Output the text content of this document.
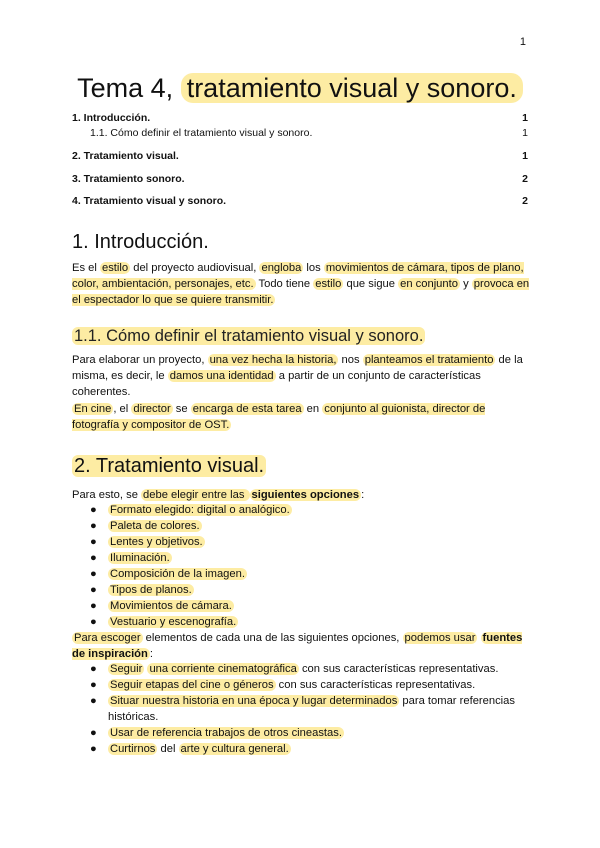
1
Tema 4, tratamiento visual y sonoro.
1. Introducción.	1
1.1. Cómo definir el tratamiento visual y sonoro.	1
2. Tratamiento visual.	1
3. Tratamiento sonoro.	2
4. Tratamiento visual y sonoro.	2
1. Introducción.

Es el estilo del proyecto audiovisual, engloba los movimientos de cámara, tipos de plano, color, ambientación, personajes, etc. Todo tiene estilo que sigue en conjunto y provoca en el espectador lo que se quiere transmitir.

1.1. Cómo definir el tratamiento visual y sonoro.

Para elaborar un proyecto, una vez hecha la historia, nos planteamos el tratamiento de la misma, es decir, le damos una identidad a partir de un conjunto de características coherentes.

En cine , el director se encarga de esta tarea en conjunto al guionista, director de fotografía y compositor de OST.

2. Tratamiento visual.

Para esto, se debe elegir entre las siguientes opciones :

● Formato elegido: digital o analógico.
● Paleta de colores.
● Lentes y objetivos.
● Iluminación.
● Composición de la imagen.
● Tipos de planos.
● Movimientos de cámara.
● Vestuario y escenografía.

Para escoger elementos de cada una de las siguientes opciones, podemos usar fuentes de inspiración :

● Seguir una corriente cinematográfica con sus características representativas.
● Seguir etapas del cine o géneros con sus características representativas.
● Situar nuestra historia en una época y lugar determinados para tomar referencias históricas.
● Usar de referencia trabajos de otros cineastas.
● Curtirnos del arte y cultura general.
